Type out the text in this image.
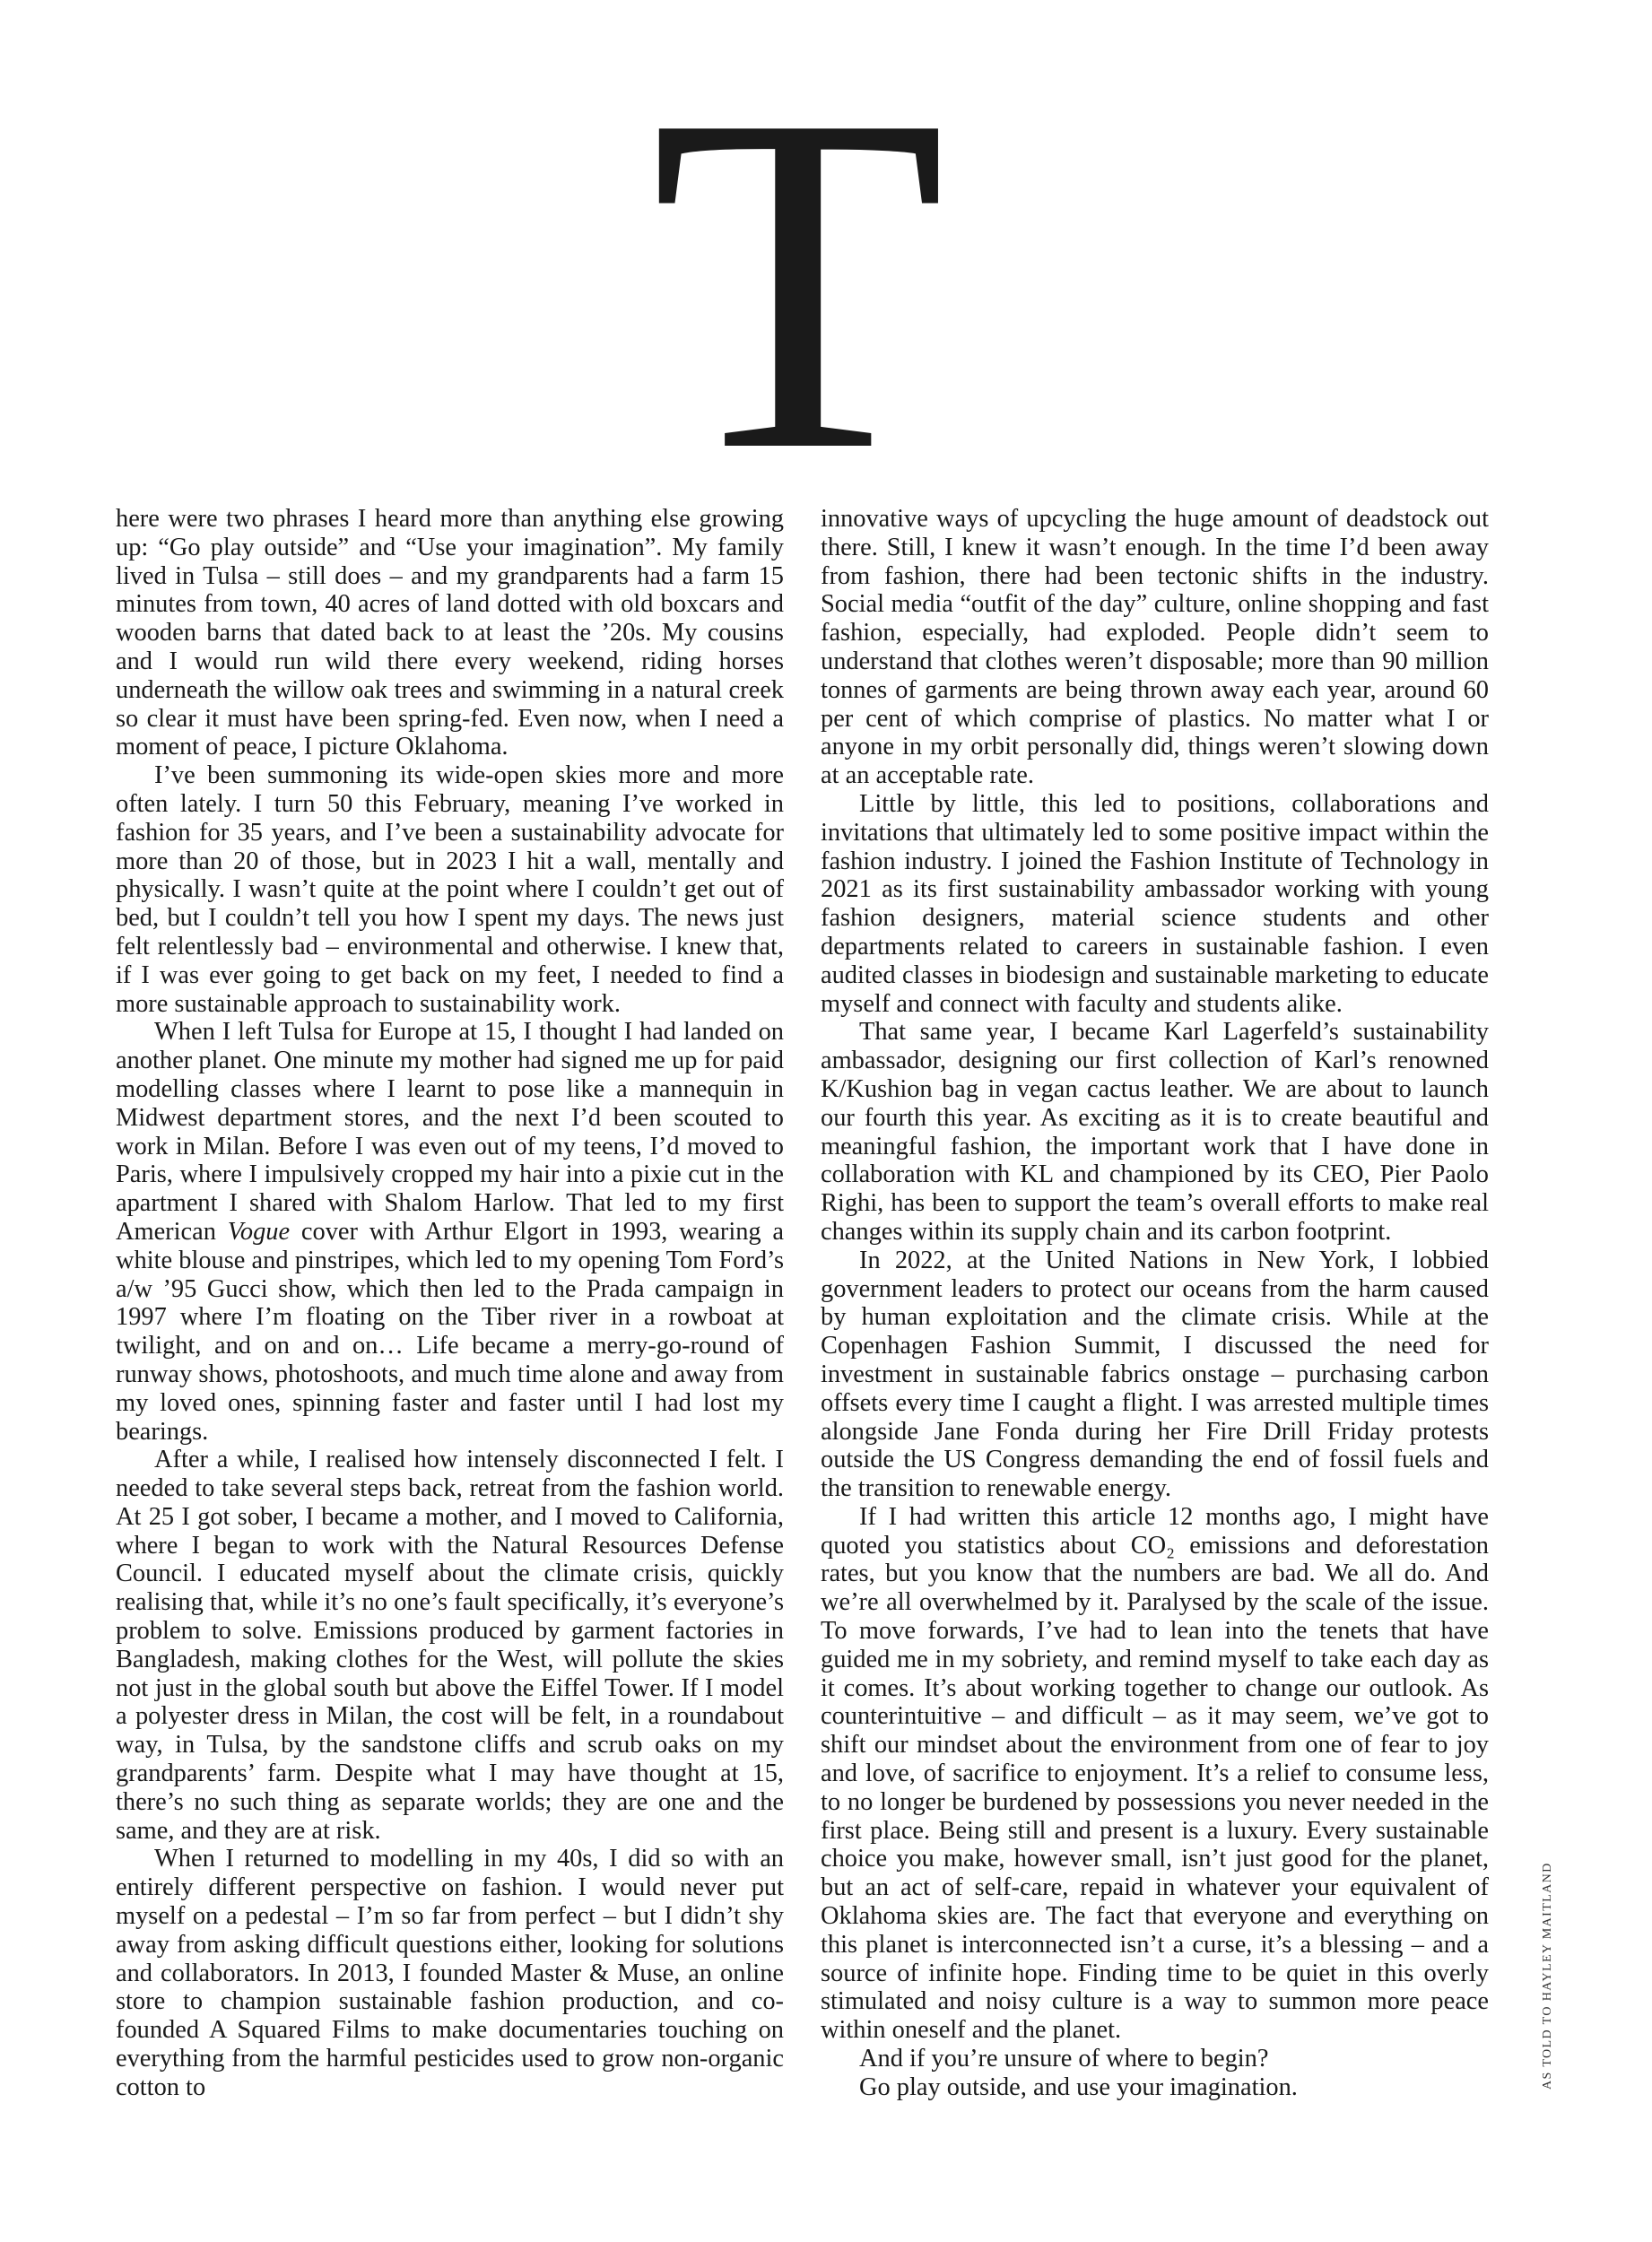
T

here were two phrases I heard more than anything else growing up: “Go play outside” and “Use your imagination”. My family lived in Tulsa – still does – and my grandparents had a farm 15 minutes from town, 40 acres of land dotted with old boxcars and wooden barns that dated back to at least the ’20s. My cousins and I would run wild there every weekend, riding horses underneath the willow oak trees and swimming in a natural creek so clear it must have been spring-fed. Even now, when I need a moment of peace, I picture Oklahoma.

I’ve been summoning its wide-open skies more and more often lately. I turn 50 this February, meaning I’ve worked in fashion for 35 years, and I’ve been a sustainability advocate for more than 20 of those, but in 2023 I hit a wall, mentally and physically. I wasn’t quite at the point where I couldn’t get out of bed, but I couldn’t tell you how I spent my days. The news just felt relentlessly bad – environmental and otherwise. I knew that, if I was ever going to get back on my feet, I needed to find a more sustainable approach to sustainability work.

When I left Tulsa for Europe at 15, I thought I had landed on another planet. One minute my mother had signed me up for paid modelling classes where I learnt to pose like a mannequin in Midwest department stores, and the next I’d been scouted to work in Milan. Before I was even out of my teens, I’d moved to Paris, where I impulsively cropped my hair into a pixie cut in the apartment I shared with Shalom Harlow. That led to my first American Vogue cover with Arthur Elgort in 1993, wearing a white blouse and pinstripes, which led to my opening Tom Ford’s a/w ’95 Gucci show, which then led to the Prada campaign in 1997 where I’m floating on the Tiber river in a rowboat at twilight, and on and on… Life became a merry-go-round of runway shows, photoshoots, and much time alone and away from my loved ones, spinning faster and faster until I had lost my bearings.

After a while, I realised how intensely disconnected I felt. I needed to take several steps back, retreat from the fashion world. At 25 I got sober, I became a mother, and I moved to California, where I began to work with the Natural Resources Defense Council. I educated myself about the climate crisis, quickly realising that, while it’s no one’s fault specifically, it’s everyone’s problem to solve. Emissions produced by garment factories in Bangladesh, making clothes for the West, will pollute the skies not just in the global south but above the Eiffel Tower. If I model a polyester dress in Milan, the cost will be felt, in a roundabout way, in Tulsa, by the sandstone cliffs and scrub oaks on my grandparents’ farm. Despite what I may have thought at 15, there’s no such thing as separate worlds; they are one and the same, and they are at risk.

When I returned to modelling in my 40s, I did so with an entirely different perspective on fashion. I would never put myself on a pedestal – I’m so far from perfect – but I didn’t shy away from asking difficult questions either, looking for solutions and collaborators. In 2013, I founded Master & Muse, an online store to champion sustainable fashion production, and co-founded A Squared Films to make documentaries touching on everything from the harmful pesticides used to grow non-organic cotton to

innovative ways of upcycling the huge amount of deadstock out there. Still, I knew it wasn’t enough. In the time I’d been away from fashion, there had been tectonic shifts in the industry. Social media “outfit of the day” culture, online shopping and fast fashion, especially, had exploded. People didn’t seem to understand that clothes weren’t disposable; more than 90 million tonnes of garments are being thrown away each year, around 60 per cent of which comprise of plastics. No matter what I or anyone in my orbit personally did, things weren’t slowing down at an acceptable rate.

Little by little, this led to positions, collaborations and invitations that ultimately led to some positive impact within the fashion industry. I joined the Fashion Institute of Technology in 2021 as its first sustainability ambassador working with young fashion designers, material science students and other departments related to careers in sustainable fashion. I even audited classes in biodesign and sustainable marketing to educate myself and connect with faculty and students alike.

That same year, I became Karl Lagerfeld’s sustainability ambassador, designing our first collection of Karl’s renowned K/Kushion bag in vegan cactus leather. We are about to launch our fourth this year. As exciting as it is to create beautiful and meaningful fashion, the important work that I have done in collaboration with KL and championed by its CEO, Pier Paolo Righi, has been to support the team’s overall efforts to make real changes within its supply chain and its carbon footprint.

In 2022, at the United Nations in New York, I lobbied government leaders to protect our oceans from the harm caused by human exploitation and the climate crisis. While at the Copenhagen Fashion Summit, I discussed the need for investment in sustainable fabrics onstage – purchasing carbon offsets every time I caught a flight. I was arrested multiple times alongside Jane Fonda during her Fire Drill Friday protests outside the US Congress demanding the end of fossil fuels and the transition to renewable energy.

If I had written this article 12 months ago, I might have quoted you statistics about CO₂ emissions and deforestation rates, but you know that the numbers are bad. We all do. And we’re all overwhelmed by it. Paralysed by the scale of the issue. To move forwards, I’ve had to lean into the tenets that have guided me in my sobriety, and remind myself to take each day as it comes. It’s about working together to change our outlook. As counterintuitive – and difficult – as it may seem, we’ve got to shift our mindset about the environment from one of fear to joy and love, of sacrifice to enjoyment. It’s a relief to consume less, to no longer be burdened by possessions you never needed in the first place. Being still and present is a luxury. Every sustainable choice you make, however small, isn’t just good for the planet, but an act of self-care, repaid in whatever your equivalent of Oklahoma skies are. The fact that everyone and everything on this planet is interconnected isn’t a curse, it’s a blessing – and a source of infinite hope. Finding time to be quiet in this overly stimulated and noisy culture is a way to summon more peace within oneself and the planet.

And if you’re unsure of where to begin?

Go play outside, and use your imagination.	AS TOLD TO HAYLEY MAITLAND
